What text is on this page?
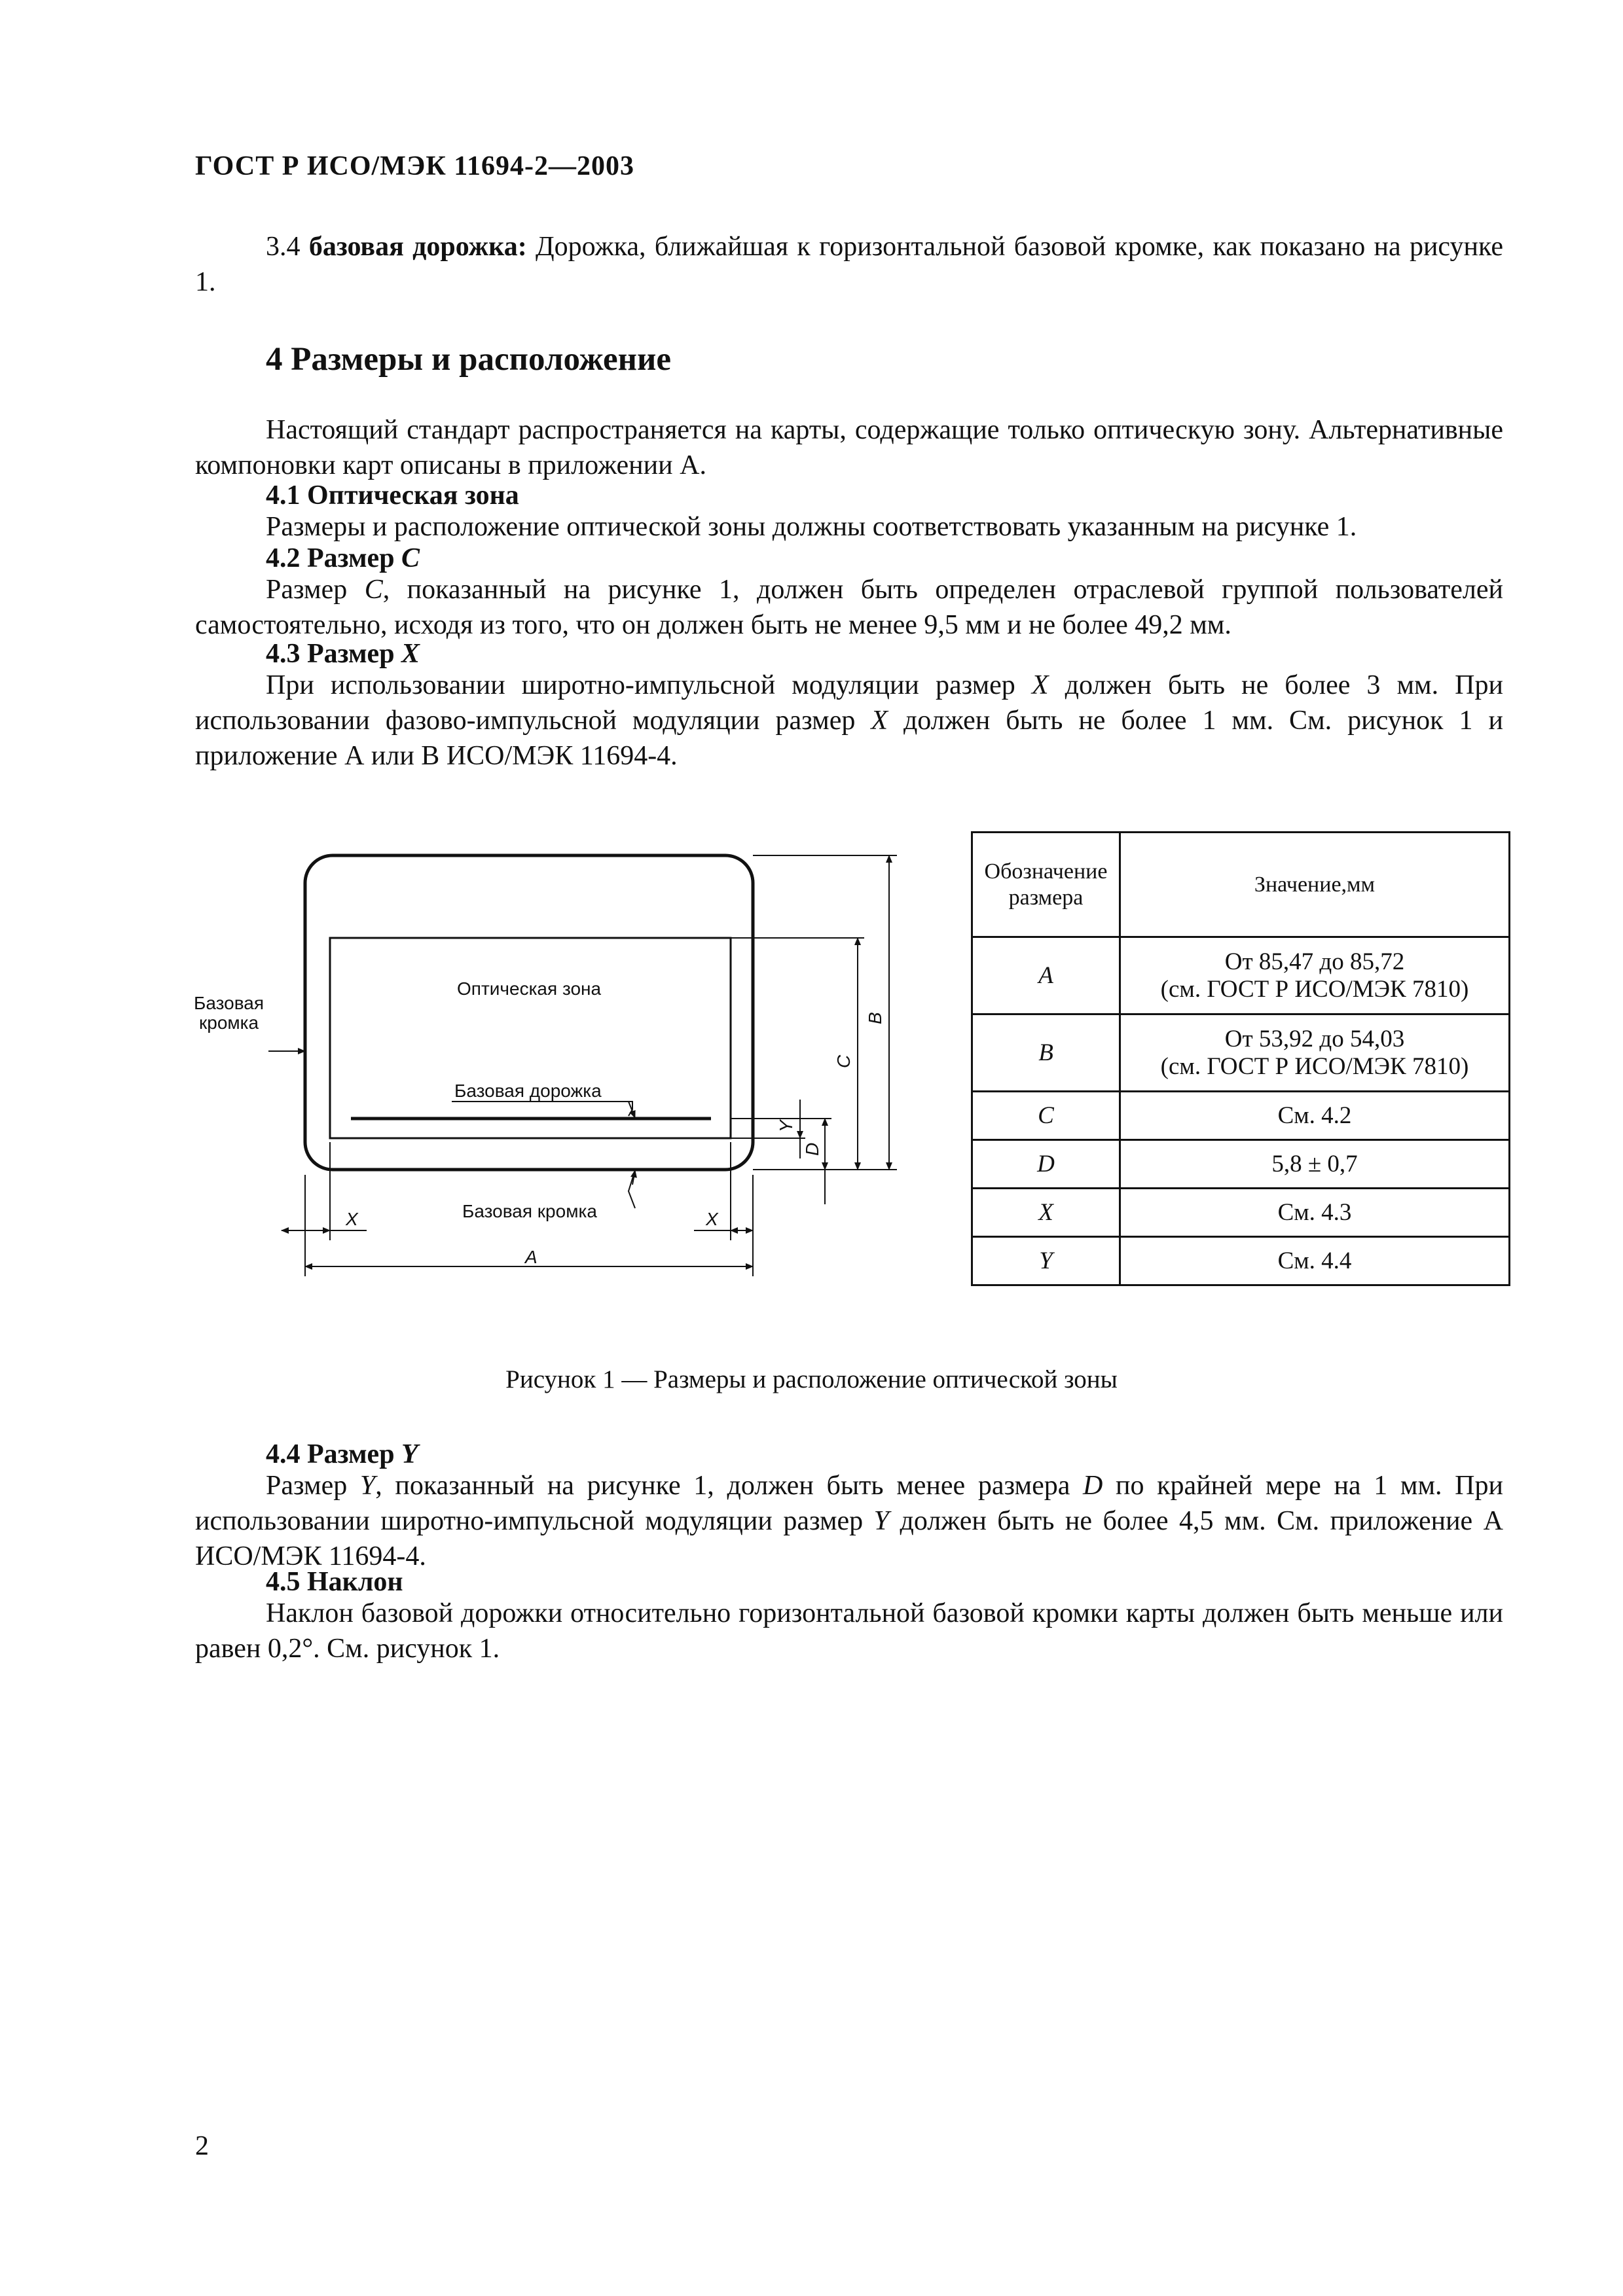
ГОСТ Р ИСО/МЭК 11694-2—2003
3.4 базовая дорожка: Дорожка, ближайшая к горизонтальной базовой кромке, как показано на рисунке 1.
4 Размеры и расположение
Настоящий стандарт распространяется на карты, содержащие только оптическую зону. Альтернативные компоновки карт описаны в приложении А.
4.1 Оптическая зона
Размеры и расположение оптической зоны должны соответствовать указанным на рисунке 1.
4.2 Размер С
Размер С, показанный на рисунке 1, должен быть определен отраслевой группой пользователей самостоятельно, исходя из того, что он должен быть не менее 9,5 мм и не более 49,2 мм.
4.3 Размер X
При использовании широтно-импульсной модуляции размер X должен быть не более 3 мм. При использовании фазово-импульсной модуляции размер X должен быть не более 1 мм. См. рисунок 1 и приложение А или В ИСО/МЭК 11694-4.
Базовая
кромка
Оптическая зона
Базовая дорожка
Базовая кромка
X	X
A
B
C
D
Y
Обозначение размера	Значение,мм
A	От 85,47 до 85,72
(см. ГОСТ Р ИСО/МЭК 7810)

B	От 53,92 до 54,03
(см. ГОСТ Р ИСО/МЭК 7810)

C	См. 4.2
D	5,8 ± 0,7
X	См. 4.3
Y	См. 4.4
Рисунок 1 — Размеры и расположение оптической зоны
4.4 Размер Y
Размер Y, показанный на рисунке 1, должен быть менее размера D по крайней мере на 1 мм. При использовании широтно-импульсной модуляции размер Y должен быть не более 4,5 мм. См. приложение А ИСО/МЭК 11694-4.
4.5 Наклон
Наклон базовой дорожки относительно горизонтальной базовой кромки карты должен быть меньше или равен 0,2°. См. рисунок 1.
2
